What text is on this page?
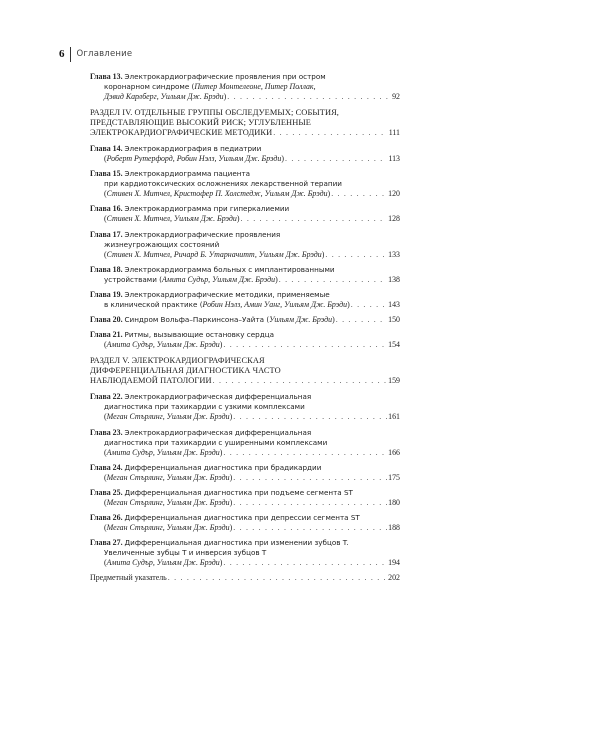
6 Оглавление
Глава 13. Электрокардиографические проявления при остром
коронарном синдроме (Питер Монтелеоне, Питер Поллак,
Дэвид Карлберг, Уильям Дж. Брэди) . . .	92
РАЗДЕЛ IV. ОТДЕЛЬНЫЕ ГРУППЫ ОБСЛЕДУЕМЫХ; СОБЫТИЯ,
ПРЕДСТАВЛЯЮЩИЕ ВЫСОКИЙ РИСК; УГЛУБЛЕННЫЕ
ЭЛЕКТРОКАРДИОГРАФИЧЕСКИЕ МЕТОДИКИ . . .	111
Глава 14. Электрокардиография в педиатрии
(Роберт Рутерфорд, Робин Нэлз, Уильям Дж. Брэди) . . .	113
Глава 15. Электрокардиограмма пациента
при кардиотоксических осложнениях лекарственной терапии
(Стивен Х. Митчел, Кристофер П. Холстедж, Уильям Дж. Брэди) . . .	120
Глава 16. Электрокардиограмма при гиперкалиемии
(Стивен Х. Митчел, Уильям Дж. Брэди) . . .	128
Глава 17. Электрокардиографические проявления
жизнеугрожающих состояний
(Стивен Х. Митчел, Ричард Б. Утарначитт, Уильям Дж. Брэди) . . .	133
Глава 18. Электрокардиограмма больных с имплантированными
устройствами (Амита Судър, Уильям Дж. Брэди) . . .	138
Глава 19. Электрокардиографические методики, применяемые
в клинической практике (Робин Нэлз, Амин Уанг, Уильям Дж. Брэди) . . .	143
Глава 20. Синдром Вольфа–Паркинсона–Уайта (Уильям Дж. Брэди) . . .	150
Глава 21. Ритмы, вызывающие остановку сердца
(Амита Судър, Уильям Дж. Брэди) . . .	154
РАЗДЕЛ V. ЭЛЕКТРОКАРДИОГРАФИЧЕСКАЯ
ДИФФЕРЕНЦИАЛЬНАЯ ДИАГНОСТИКА ЧАСТО
НАБЛЮДАЕМОЙ ПАТОЛОГИИ . . .	159
Глава 22. Электрокардиографическая дифференциальная
диагностика при тахикардии с узкими комплексами
(Меган Стърлинг, Уильям Дж. Брэди) . . .	161
Глава 23. Электрокардиографическая дифференциальная
диагностика при тахикардии с уширенными комплексами
(Амита Судър, Уильям Дж. Брэди) . . .	166
Глава 24. Дифференциальная диагностика при брадикардии
(Меган Стърлинг, Уильям Дж. Брэди) . . .	175
Глава 25. Дифференциальная диагностика при подъеме сегмента ST
(Меган Стърлинг, Уильям Дж. Брэди) . . .	180
Глава 26. Дифференциальная диагностика при депрессии сегмента ST
(Меган Стърлинг, Уильям Дж. Брэди) . . .	188
Глава 27. Дифференциальная диагностика при изменении зубцов T.
Увеличенные зубцы T и инверсия зубцов T
(Амита Судър, Уильям Дж. Брэди) . . .	194
Предметный указатель . . .	202
